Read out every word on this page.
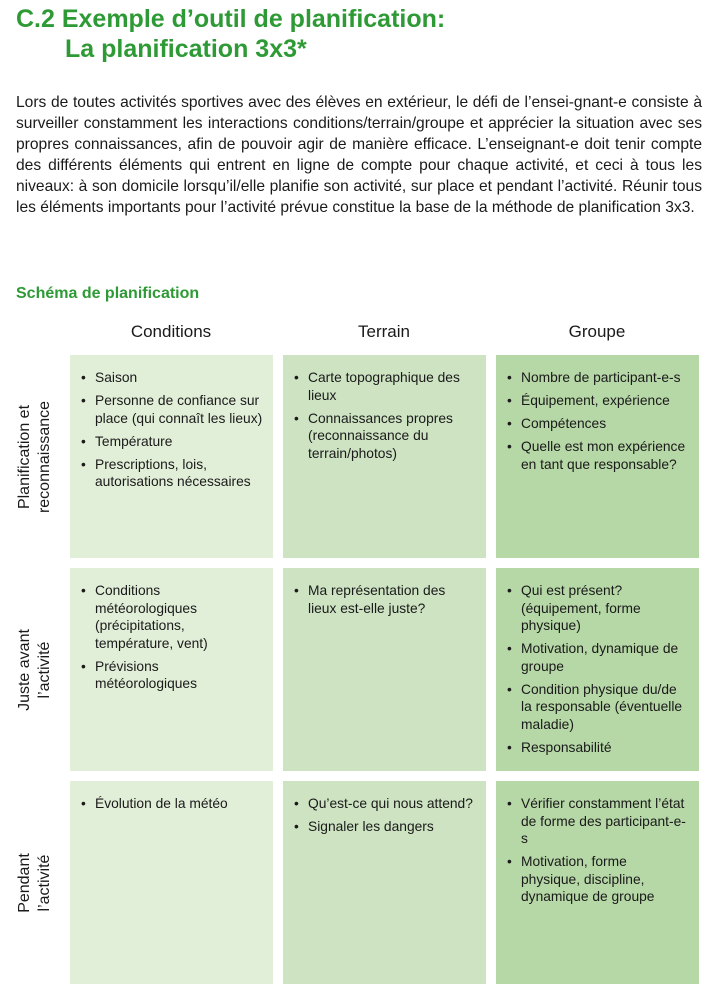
C.2 Exemple d’outil de planification:
La planification 3x3*

Lors de toutes activités sportives avec des élèves en extérieur, le défi de l’ensei-gnant-e consiste à surveiller constamment les interactions conditions/terrain/groupe et apprécier la situation avec ses propres connaissances, afin de pouvoir agir de manière efficace. L’enseignant-e doit tenir compte des différents éléments qui entrent en ligne de compte pour chaque activité, et ceci à tous les niveaux: à son domicile lorsqu’il/elle planifie son activité, sur place et pendant l’activité. Réunir tous les éléments importants pour l’activité prévue constitue la base de la méthode de planification 3x3.

Schéma de planification
Conditions	Terrain	Groupe
Planification et reconnaissance
• Saison
• Personne de confiance sur place (qui connaît les lieux)
• Température
• Prescriptions, lois, autorisations nécessaires
• Carte topographique des lieux
• Connaissances propres (reconnaissance du terrain/photos)
• Nombre de participant-e-s
• Équipement, expérience
• Compétences
• Quelle est mon expérience en tant que responsable?
Juste avant l’activité
• Conditions météorologiques (précipitations, température, vent)
• Prévisions météorologiques
• Ma représentation des lieux est-elle juste?
• Qui est présent? (équipement, forme physique)
• Motivation, dynamique de groupe
• Condition physique du/de la responsable (éventuelle maladie)
• Responsabilité
Pendant l’activité
• Évolution de la météo
•	Qu’est-ce qui nous attend?
• Signaler les dangers
• Vérifier constamment l’état de forme des participant-e-s
• Motivation, forme physique, discipline, dynamique de groupe
